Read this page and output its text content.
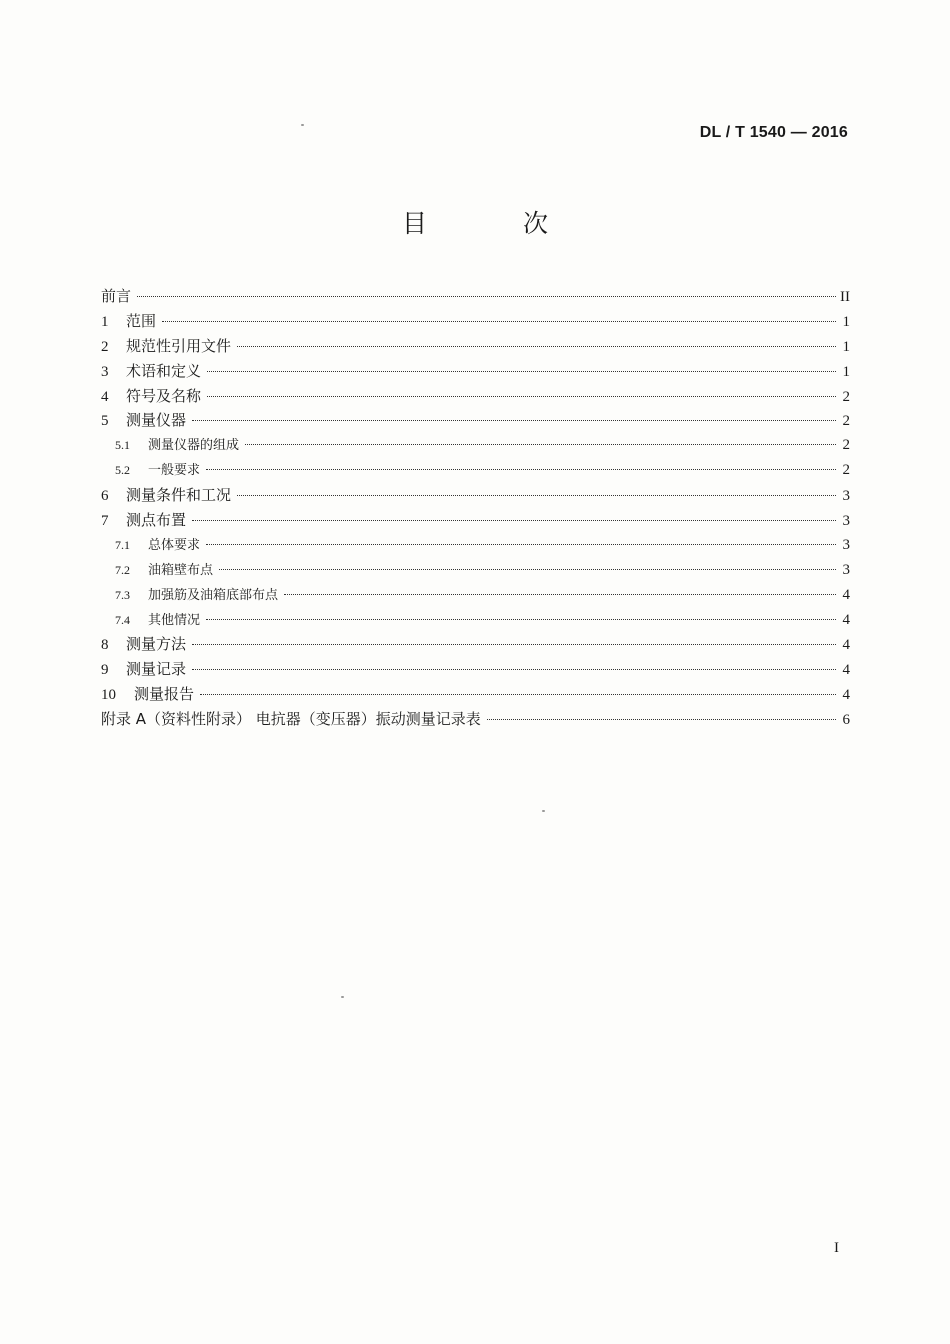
DL / T 1540 — 2016
目 次
前言	II
1	范围	1
2	规范性引用文件	1
3	术语和定义	1
4	符号及名称	2
5	测量仪器	2
5.1	测量仪器的组成	2
5.2	一般要求	2
6	测量条件和工况	3
7	测点布置	3
7.1	总体要求	3
7.2	油箱壁布点	3
7.3	加强筋及油箱底部布点	4
7.4	其他情况	4
8	测量方法	4
9	测量记录	4
10	测量报告	4
附录 A（资料性附录） 电抗器（变压器）振动测量记录表	6
I
